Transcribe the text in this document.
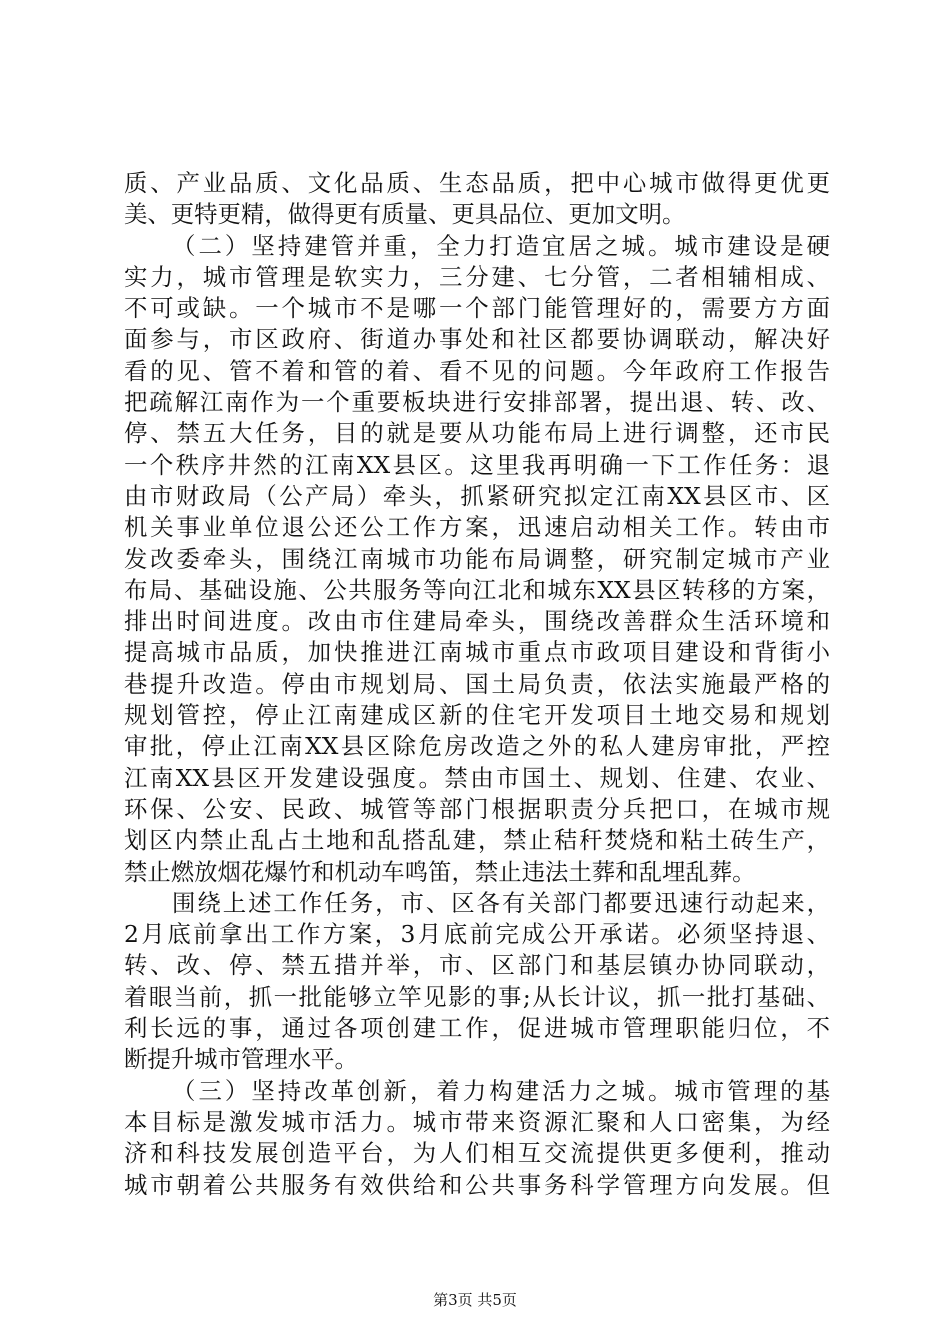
质、产业品质、文化品质、生态品质，把中心城市做得更优更
美、更特更精，做得更有质量、更具品位、更加文明。
（二）坚持建管并重，全力打造宜居之城。城市建设是硬
实力，城市管理是软实力，三分建、七分管，二者相辅相成、
不可或缺。一个城市不是哪一个部门能管理好的，需要方方面
面参与，市区政府、街道办事处和社区都要协调联动，解决好
看的见、管不着和管的着、看不见的问题。今年政府工作报告
把疏解江南作为一个重要板块进行安排部署，提出退、转、改、
停、禁五大任务，目的就是要从功能布局上进行调整，还市民
一个秩序井然的江南XX县区。这里我再明确一下工作任务：退
由市财政局（公产局）牵头，抓紧研究拟定江南XX县区市、区
机关事业单位退公还公工作方案，迅速启动相关工作。转由市
发改委牵头，围绕江南城市功能布局调整，研究制定城市产业
布局、基础设施、公共服务等向江北和城东XX县区转移的方案，
排出时间进度。改由市住建局牵头，围绕改善群众生活环境和
提高城市品质，加快推进江南城市重点市政项目建设和背街小
巷提升改造。停由市规划局、国土局负责，依法实施最严格的
规划管控，停止江南建成区新的住宅开发项目土地交易和规划
审批，停止江南XX县区除危房改造之外的私人建房审批，严控
江南XX县区开发建设强度。禁由市国土、规划、住建、农业、
环保、公安、民政、城管等部门根据职责分兵把口，在城市规
划区内禁止乱占土地和乱搭乱建，禁止秸秆焚烧和粘土砖生产，
禁止燃放烟花爆竹和机动车鸣笛，禁止违法土葬和乱埋乱葬。
围绕上述工作任务，市、区各有关部门都要迅速行动起来，
2月底前拿出工作方案，3月底前完成公开承诺。必须坚持退、
转、改、停、禁五措并举，市、区部门和基层镇办协同联动，
着眼当前，抓一批能够立竿见影的事;从长计议，抓一批打基础、
利长远的事，通过各项创建工作，促进城市管理职能归位，不
断提升城市管理水平。
（三）坚持改革创新，着力构建活力之城。城市管理的基
本目标是激发城市活力。城市带来资源汇聚和人口密集，为经
济和科技发展创造平台，为人们相互交流提供更多便利，推动
城市朝着公共服务有效供给和公共事务科学管理方向发展。但
第3页 共5页
